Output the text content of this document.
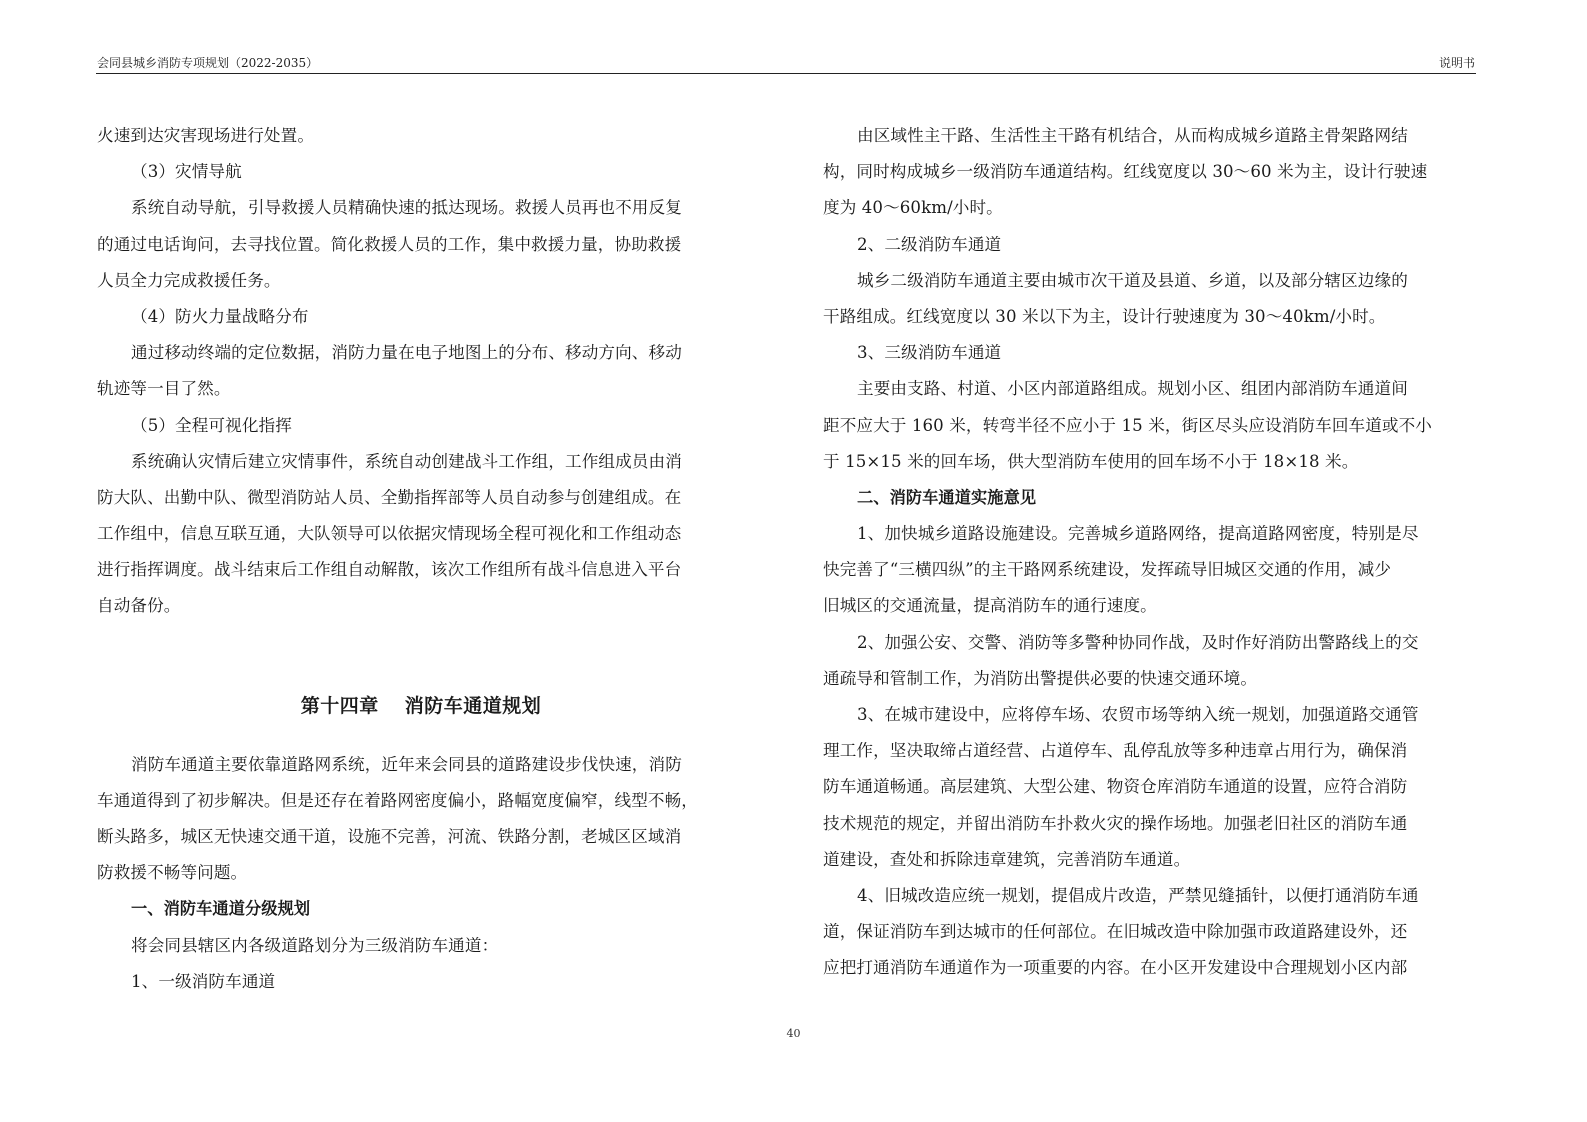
会同县城乡消防专项规划（2022-2035）	说明书
火速到达灾害现场进行处置。
（3）灾情导航
系统自动导航，引导救援人员精确快速的抵达现场。救援人员再也不用反复
的通过电话询问，去寻找位置。简化救援人员的工作，集中救援力量，协助救援
人员全力完成救援任务。
（4）防火力量战略分布
通过移动终端的定位数据，消防力量在电子地图上的分布、移动方向、移动
轨迹等一目了然。
（5）全程可视化指挥
系统确认灾情后建立灾情事件，系统自动创建战斗工作组，工作组成员由消
防大队、出勤中队、微型消防站人员、全勤指挥部等人员自动参与创建组成。在
工作组中，信息互联互通，大队领导可以依据灾情现场全程可视化和工作组动态
进行指挥调度。战斗结束后工作组自动解散，该次工作组所有战斗信息进入平台
自动备份。
第十四章 消防车通道规划
消防车通道主要依靠道路网系统，近年来会同县的道路建设步伐快速，消防
车通道得到了初步解决。但是还存在着路网密度偏小，路幅宽度偏窄，线型不畅，
断头路多，城区无快速交通干道，设施不完善，河流、铁路分割，老城区区域消
防救援不畅等问题。
一、消防车通道分级规划
将会同县辖区内各级道路划分为三级消防车通道：
1、一级消防车通道
由区域性主干路、生活性主干路有机结合，从而构成城乡道路主骨架路网结
构，同时构成城乡一级消防车通道结构。红线宽度以 30～60 米为主，设计行驶速
度为 40～60km/小时。
2、二级消防车通道
城乡二级消防车通道主要由城市次干道及县道、乡道，以及部分辖区边缘的
干路组成。红线宽度以 30 米以下为主，设计行驶速度为 30～40km/小时。
3、三级消防车通道
主要由支路、村道、小区内部道路组成。规划小区、组团内部消防车通道间
距不应大于 160 米，转弯半径不应小于 15 米，街区尽头应设消防车回车道或不小
于 15×15 米的回车场，供大型消防车使用的回车场不小于 18×18 米。
二、消防车通道实施意见
1、加快城乡道路设施建设。完善城乡道路网络，提高道路网密度，特别是尽
快完善了“三横四纵”的主干路网系统建设，发挥疏导旧城区交通的作用，减少
旧城区的交通流量，提高消防车的通行速度。
2、加强公安、交警、消防等多警种协同作战，及时作好消防出警路线上的交
通疏导和管制工作，为消防出警提供必要的快速交通环境。
3、在城市建设中，应将停车场、农贸市场等纳入统一规划，加强道路交通管
理工作，坚决取缔占道经营、占道停车、乱停乱放等多种违章占用行为，确保消
防车通道畅通。高层建筑、大型公建、物资仓库消防车通道的设置，应符合消防
技术规范的规定，并留出消防车扑救火灾的操作场地。加强老旧社区的消防车通
道建设，查处和拆除违章建筑，完善消防车通道。
4、旧城改造应统一规划，提倡成片改造，严禁见缝插针，以便打通消防车通
道，保证消防车到达城市的任何部位。在旧城改造中除加强市政道路建设外，还
应把打通消防车通道作为一项重要的内容。在小区开发建设中合理规划小区内部
40
